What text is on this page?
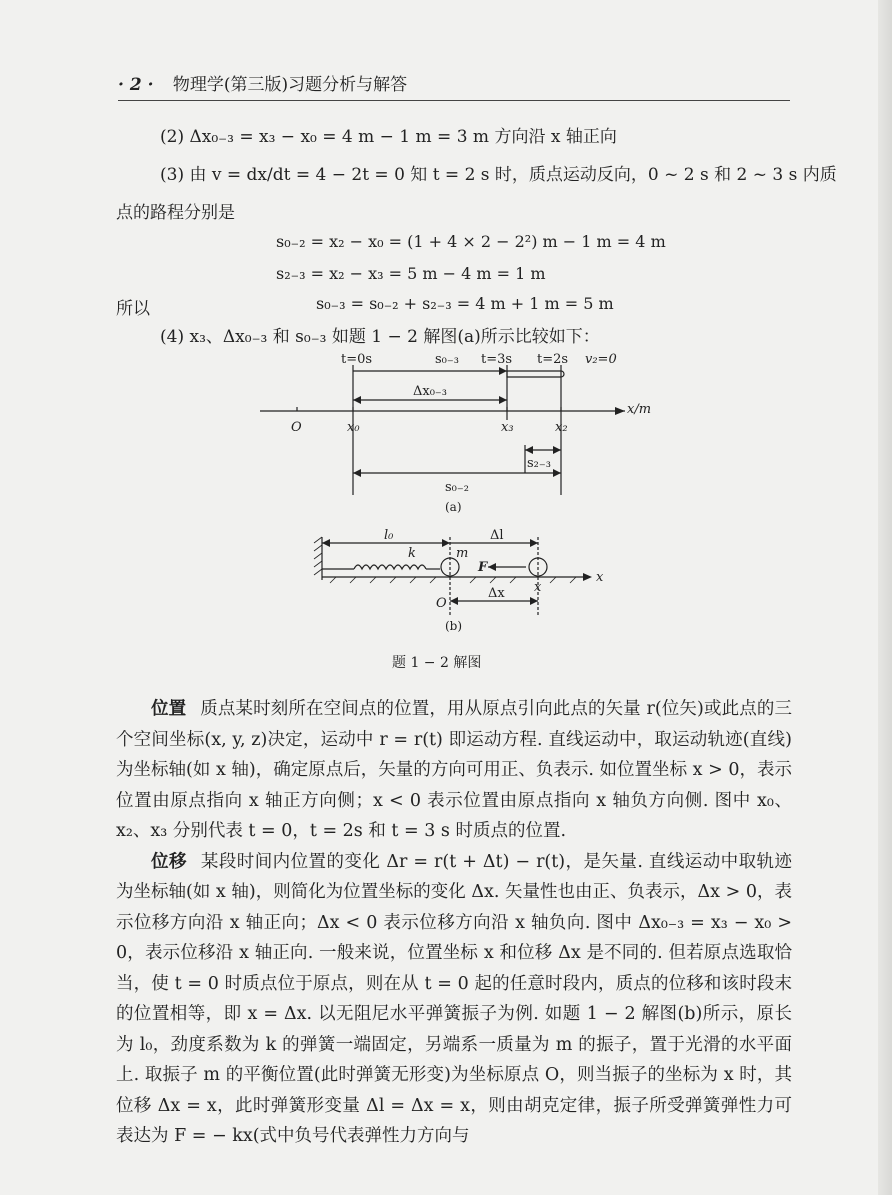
· 2 · 物理学(第三版)习题分析与解答
(2) Δx₀₋₃ = x₃ − x₀ = 4 m − 1 m = 3 m 方向沿 x 轴正向
(3) 由 v = dx/dt = 4 − 2t = 0 知 t = 2 s 时，质点运动反向，0 ~ 2 s 和 2 ~ 3 s 内质
点的路程分别是
s₀₋₂ = x₂ − x₀ = (1 + 4 × 2 − 2²) m − 1 m = 4 m
s₂₋₃ = x₂ − x₃ = 5 m − 4 m = 1 m
所以	s₀₋₃ = s₀₋₂ + s₂₋₃ = 4 m + 1 m = 5 m
(4) x₃、Δx₀₋₃ 和 s₀₋₃ 如题 1 − 2 解图(a)所示比较如下：
t=0s	s₀₋₃ t=3s t=2s v₂=0
Δx₀₋₃
x/m
O	x₀	x₃	x₂
s₂₋₃
s₀₋₂
(a)
l₀
k	m
Δl
F
x
x
O
Δx
(b)
题 1 − 2 解图

位置 质点某时刻所在空间点的位置，用从原点引向此点的矢量 r(位矢)或此点的三个空间坐标(x, y, z)决定，运动中 r = r(t) 即运动方程. 直线运动中，取运动轨迹(直线)为坐标轴(如 x 轴)，确定原点后，矢量的方向可用正、负表示. 如位置坐标 x > 0，表示位置由原点指向 x 轴正方向侧；x < 0 表示位置由原点指向 x 轴负方向侧. 图中 x₀、x₂、x₃ 分别代表 t = 0，t = 2s 和 t = 3 s 时质点的位置.

位移 某段时间内位置的变化 Δr = r(t + Δt) − r(t)，是矢量. 直线运动中取轨迹为坐标轴(如 x 轴)，则简化为位置坐标的变化 Δx. 矢量性也由正、负表示，Δx > 0，表示位移方向沿 x 轴正向；Δx < 0 表示位移方向沿 x 轴负向. 图中 Δx₀₋₃ = x₃ − x₀ > 0，表示位移沿 x 轴正向. 一般来说，位置坐标 x 和位移 Δx 是不同的. 但若原点选取恰当，使 t = 0 时质点位于原点，则在从 t = 0 起的任意时段内，质点的位移和该时段末的位置相等，即 x = Δx. 以无阻尼水平弹簧振子为例. 如题 1 − 2 解图(b)所示，原长为 l₀，劲度系数为 k 的弹簧一端固定，另端系一质量为 m 的振子，置于光滑的水平面上. 取振子 m 的平衡位置(此时弹簧无形变)为坐标原点 O，则当振子的坐标为 x 时，其位移 Δx = x，此时弹簧形变量 Δl = Δx = x，则由胡克定律，振子所受弹簧弹性力可表达为 F = − kx(式中负号代表弹性力方向与
